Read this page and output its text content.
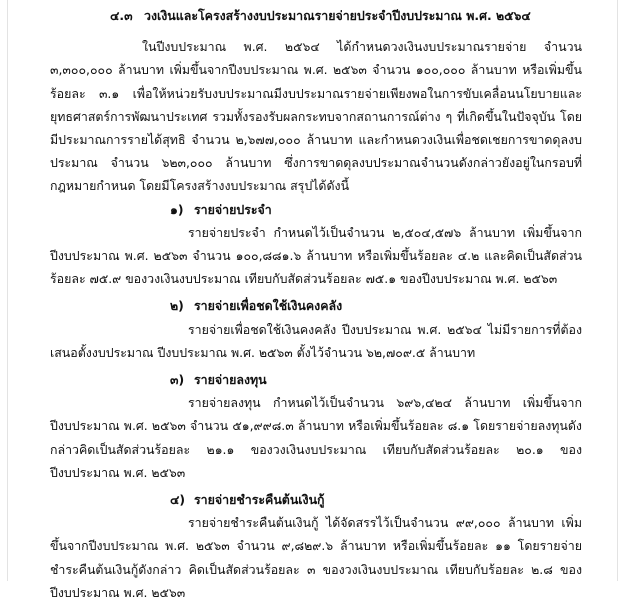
๔.๓ วงเงินและโครงสร้างงบประมาณรายจ่ายประจำปีงบประมาณ พ.ศ. ๒๕๖๔

ในปีงบประมาณ พ.ศ. ๒๕๖๔ ได้กำหนดวงเงินงบประมาณรายจ่าย จำนวน ๓,๓๐๐,๐๐๐ ล้านบาท เพิ่มขึ้นจากปีงบประมาณ พ.ศ. ๒๕๖๓ จำนวน ๑๐๐,๐๐๐ ล้านบาท หรือเพิ่มขึ้นร้อยละ ๓.๑ เพื่อให้หน่วยรับงบประมาณมีงบประมาณรายจ่ายเพียงพอในการขับเคลื่อนนโยบายและยุทธศาสตร์การพัฒนาประเทศ รวมทั้งรองรับผลกระทบจากสถานการณ์ต่าง ๆ ที่เกิดขึ้นในปัจจุบัน โดยมีประมาณการรายได้สุทธิ จำนวน ๒,๖๗๗,๐๐๐ ล้านบาท และกำหนดวงเงินเพื่อชดเชยการขาดดุลงบประมาณ จำนวน ๖๒๓,๐๐๐ ล้านบาท ซึ่งการขาดดุลงบประมาณจำนวนดังกล่าวยังอยู่ในกรอบที่กฎหมายกำหนด โดยมีโครงสร้างงบประมาณ สรุปได้ดังนี้

๑) รายจ่ายประจำ

รายจ่ายประจำ กำหนดไว้เป็นจำนวน ๒,๕๐๔,๕๗๖ ล้านบาท เพิ่มขึ้นจากปีงบประมาณ พ.ศ. ๒๕๖๓ จำนวน ๑๐๐,๘๘๑.๖ ล้านบาท หรือเพิ่มขึ้นร้อยละ ๔.๒ และคิดเป็นสัดส่วนร้อยละ ๗๕.๙ ของวงเงินงบประมาณ เทียบกับสัดส่วนร้อยละ ๗๕.๑ ของปีงบประมาณ พ.ศ. ๒๕๖๓

๒) รายจ่ายเพื่อชดใช้เงินคงคลัง

รายจ่ายเพื่อชดใช้เงินคงคลัง ปีงบประมาณ พ.ศ. ๒๕๖๔ ไม่มีรายการที่ต้องเสนอตั้งงบประมาณ ปีงบประมาณ พ.ศ. ๒๕๖๓ ตั้งไว้จำนวน ๖๒,๗๐๙.๕ ล้านบาท

๓) รายจ่ายลงทุน

รายจ่ายลงทุน กำหนดไว้เป็นจำนวน ๖๙๖,๔๒๔ ล้านบาท เพิ่มขึ้นจากปีงบประมาณ พ.ศ. ๒๕๖๓ จำนวน ๕๑,๙๙๘.๓ ล้านบาท หรือเพิ่มขึ้นร้อยละ ๘.๑ โดยรายจ่ายลงทุนดังกล่าวคิดเป็นสัดส่วนร้อยละ ๒๑.๑ ของวงเงินงบประมาณ เทียบกับสัดส่วนร้อยละ ๒๐.๑ ของปีงบประมาณ พ.ศ. ๒๕๖๓

๔) รายจ่ายชำระคืนต้นเงินกู้

รายจ่ายชำระคืนต้นเงินกู้ ได้จัดสรรไว้เป็นจำนวน ๙๙,๐๐๐ ล้านบาท เพิ่มขึ้นจากปีงบประมาณ พ.ศ. ๒๕๖๓ จำนวน ๙,๘๒๙.๖ ล้านบาท หรือเพิ่มขึ้นร้อยละ ๑๑ โดยรายจ่ายชำระคืนต้นเงินกู้ดังกล่าว คิดเป็นสัดส่วนร้อยละ ๓ ของวงเงินงบประมาณ เทียบกับร้อยละ ๒.๘ ของปีงบประมาณ พ.ศ. ๒๕๖๓
